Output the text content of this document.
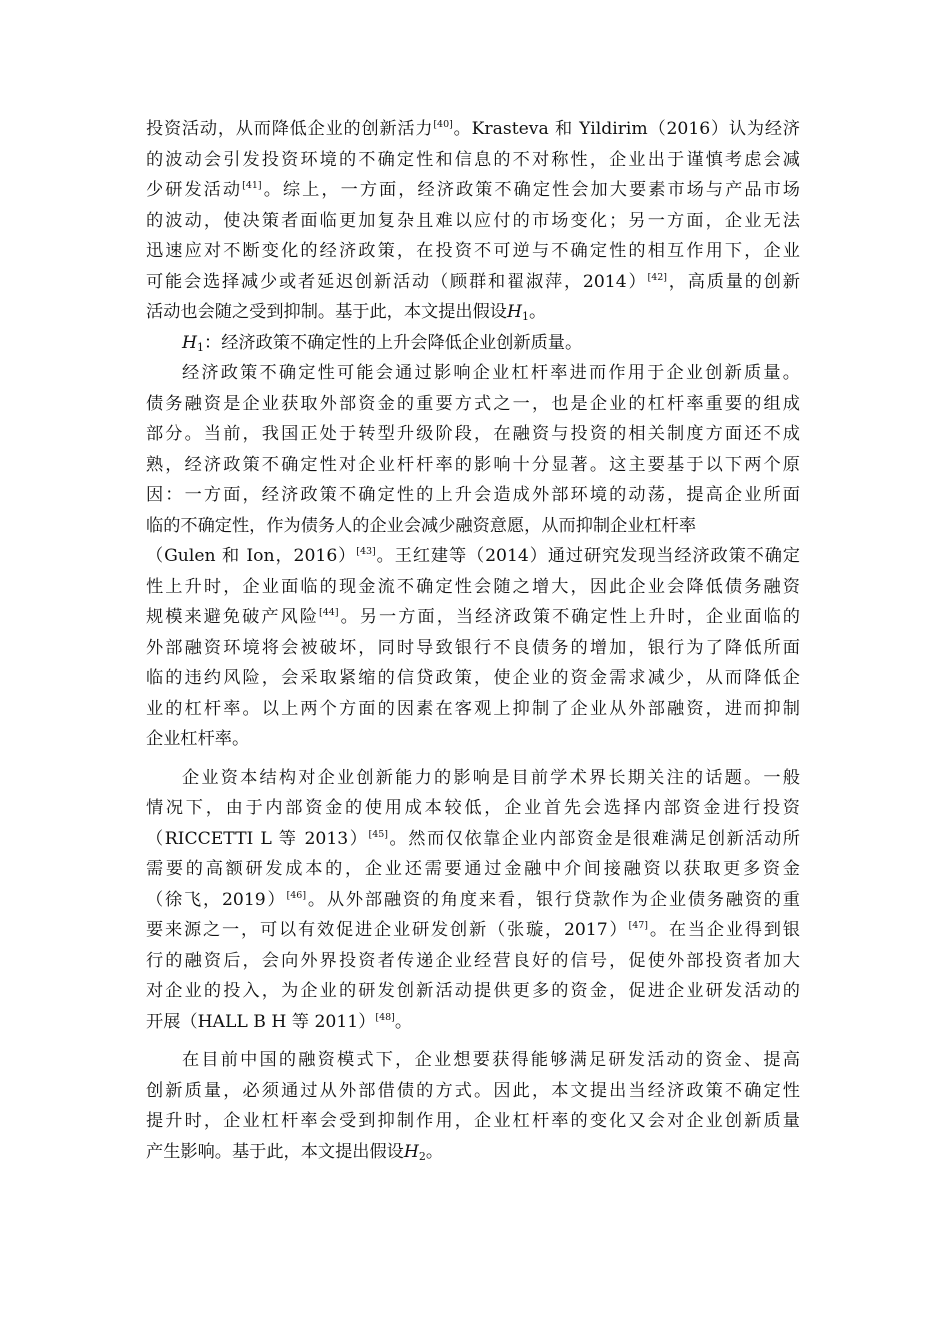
投资活动，从而降低企业的创新活力[40]。Krasteva 和 Yildirim（2016）认为经济
的波动会引发投资环境的不确定性和信息的不对称性，企业出于谨慎考虑会减
少研发活动[41]。综上，一方面，经济政策不确定性会加大要素市场与产品市场
的波动，使决策者面临更加复杂且难以应付的市场变化；另一方面，企业无法
迅速应对不断变化的经济政策，在投资不可逆与不确定性的相互作用下，企业
可能会选择减少或者延迟创新活动（顾群和翟淑萍，2014）[42]，高质量的创新
活动也会随之受到抑制。基于此，本文提出假设$H_1$。
$H_1$：经济政策不确定性的上升会降低企业创新质量。
经济政策不确定性可能会通过影响企业杠杆率进而作用于企业创新质量。
债务融资是企业获取外部资金的重要方式之一，也是企业的杠杆率重要的组成
部分。当前，我国正处于转型升级阶段，在融资与投资的相关制度方面还不成
熟，经济政策不确定性对企业杆杆率的影响十分显著。这主要基于以下两个原
因：一方面，经济政策不确定性的上升会造成外部环境的动荡，提高企业所面
临的不确定性，作为债务人的企业会减少融资意愿，从而抑制企业杠杆率
（Gulen 和 Ion，2016）[43]。王红建等（2014）通过研究发现当经济政策不确定
性上升时，企业面临的现金流不确定性会随之增大，因此企业会降低债务融资
规模来避免破产风险[44]。另一方面，当经济政策不确定性上升时，企业面临的
外部融资环境将会被破坏，同时导致银行不良债务的增加，银行为了降低所面
临的违约风险，会采取紧缩的信贷政策，使企业的资金需求减少，从而降低企
业的杠杆率。以上两个方面的因素在客观上抑制了企业从外部融资，进而抑制
企业杠杆率。
企业资本结构对企业创新能力的影响是目前学术界长期关注的话题。一般
情况下，由于内部资金的使用成本较低，企业首先会选择内部资金进行投资
（RICCETTI L 等 2013）[45]。然而仅依靠企业内部资金是很难满足创新活动所
需要的高额研发成本的，企业还需要通过金融中介间接融资以获取更多资金
（徐飞，2019）[46]。从外部融资的角度来看，银行贷款作为企业债务融资的重
要来源之一，可以有效促进企业研发创新（张璇，2017）[47]。在当企业得到银
行的融资后，会向外界投资者传递企业经营良好的信号，促使外部投资者加大
对企业的投入，为企业的研发创新活动提供更多的资金，促进企业研发活动的
开展（HALL B H 等 2011）[48]。
在目前中国的融资模式下，企业想要获得能够满足研发活动的资金、提高
创新质量，必须通过从外部借债的方式。因此，本文提出当经济政策不确定性
提升时，企业杠杆率会受到抑制作用，企业杠杆率的变化又会对企业创新质量
产生影响。基于此，本文提出假设$H_2$。
